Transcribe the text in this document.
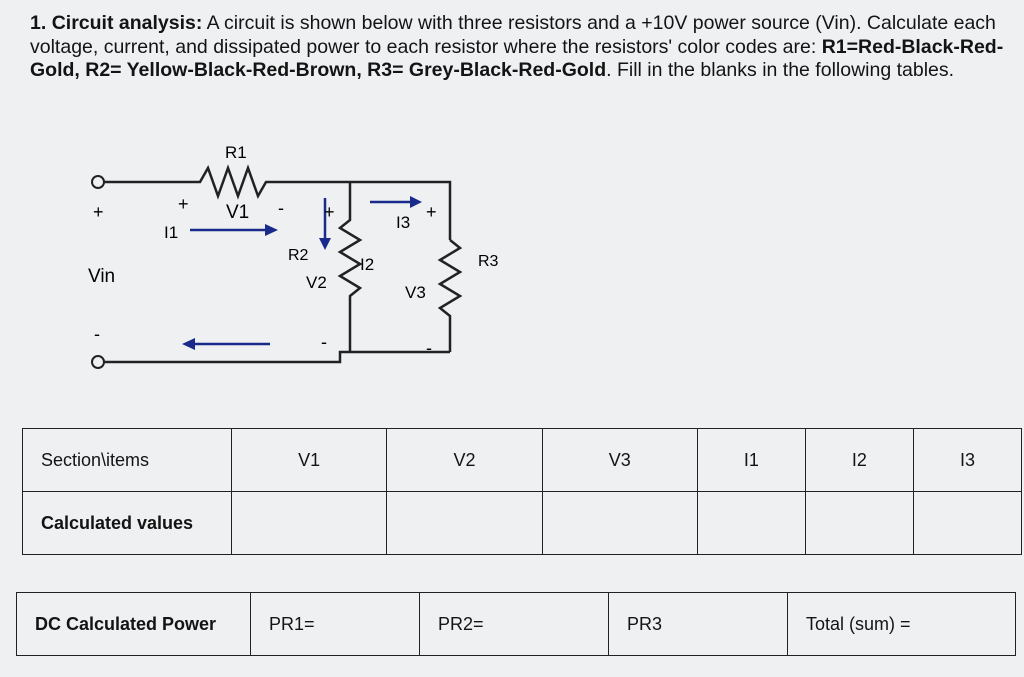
1. Circuit analysis: A circuit is shown below with three resistors and a +10V power source (Vin). Calculate each voltage, current, and dissipated power to each resistor where the resistors' color codes are: R1=Red-Black-Red-Gold, R2= Yellow-Black-Red-Brown, R3= Grey-Black-Red-Gold. Fill in the blanks in the following tables.

R1
R2	R3
Vin
V1
V2
V3
I1
I2
I3
+
-
+	- +
-
+
-
Section\items	V1	V2	V3	I1	I2	I3
Calculated values						
DC Calculated Power	PR1=	PR2=	PR3	Total (sum) =
